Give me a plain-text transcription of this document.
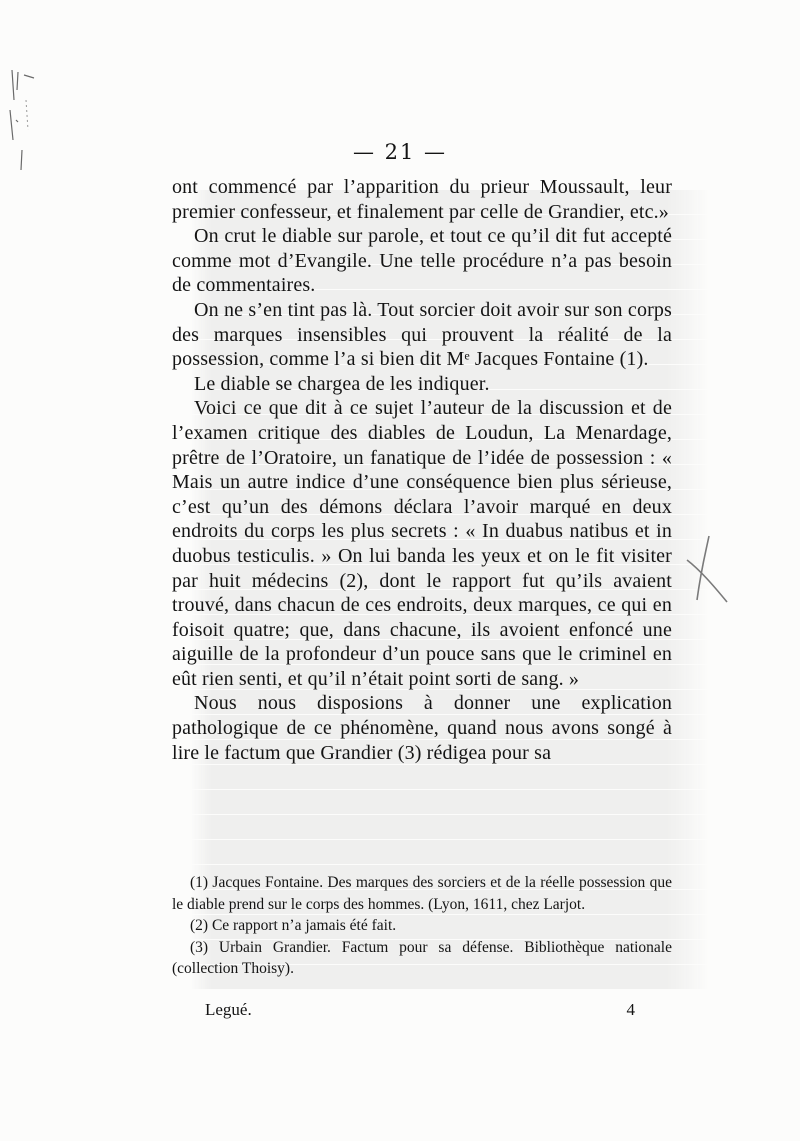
— 21 —

ont commencé par l’apparition du prieur Moussault, leur premier confesseur, et finalement par celle de Grandier, etc.»

On crut le diable sur parole, et tout ce qu’il dit fut accepté comme mot d’Evangile. Une telle procédure n’a pas besoin de commentaires.

On ne s’en tint pas là. Tout sorcier doit avoir sur son corps des marques insensibles qui prouvent la réalité de la possession, comme l’a si bien dit Mᵉ Jacques Fontaine (1).

Le diable se chargea de les indiquer.

Voici ce que dit à ce sujet l’auteur de la discussion et de l’examen critique des diables de Loudun, La Menardage, prêtre de l’Oratoire, un fanatique de l’idée de possession : « Mais un autre indice d’une conséquence bien plus sérieuse, c’est qu’un des démons déclara l’avoir marqué en deux endroits du corps les plus secrets : « In duabus natibus et in duobus testiculis. » On lui banda les yeux et on le fit visiter par huit médecins (2), dont le rapport fut qu’ils avaient trouvé, dans chacun de ces endroits, deux marques, ce qui en foisoit quatre; que, dans chacune, ils avoient enfoncé une aiguille de la profondeur d’un pouce sans que le criminel en eût rien senti, et qu’il n’était point sorti de sang. »

Nous nous disposions à donner une explication pathologique de ce phénomène, quand nous avons songé à lire le factum que Grandier (3) rédigea pour sa

(1) Jacques Fontaine. Des marques des sorciers et de la réelle possession que le diable prend sur le corps des hommes. (Lyon, 1611, chez Larjot.

(2) Ce rapport n’a jamais été fait.

(3) Urbain Grandier. Factum pour sa défense. Bibliothèque nationale (collection Thoisy).

Legué.	4
